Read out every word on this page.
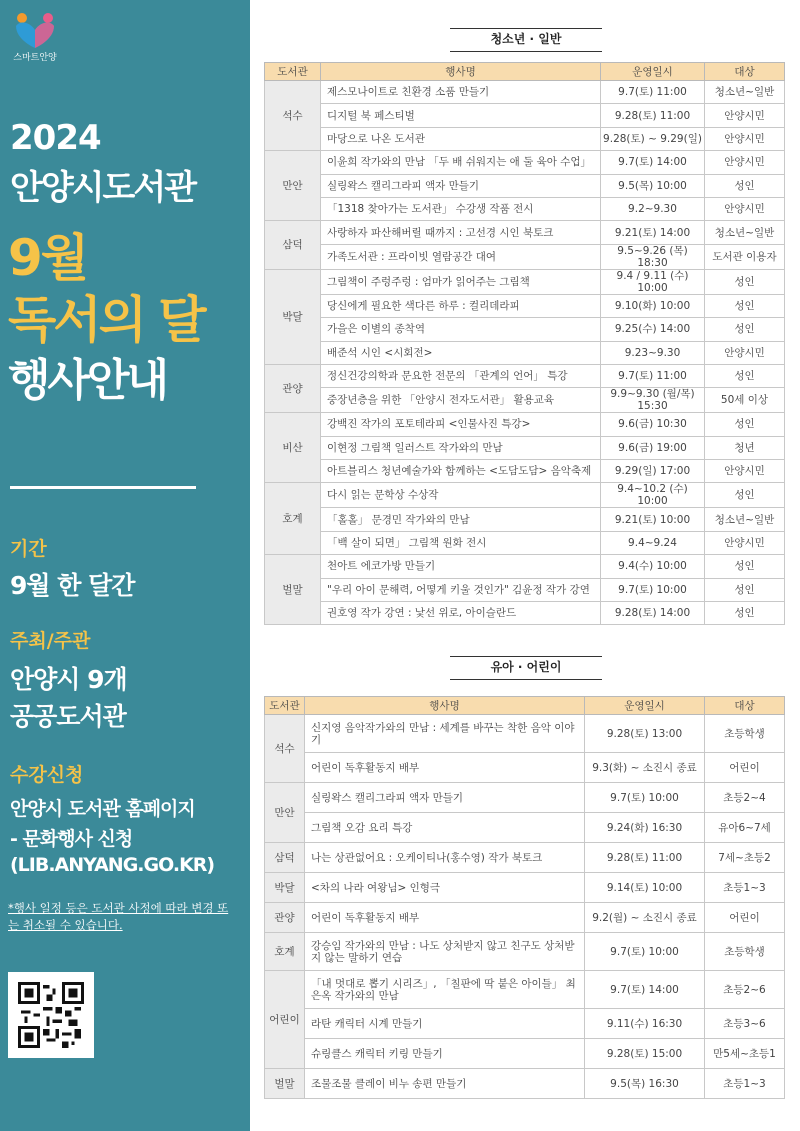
스마트안양
2024
안양시도서관
9월
독서의 달
행사안내
기간
9월 한 달간
주최/주관
안양시 9개
공공도서관
수강신청
안양시 도서관 홈페이지
- 문화행사 신청
(LIB.ANYANG.GO.KR)
*행사 일정 등은 도서관 사정에 따라 변경 또는 취소될 수 있습니다.
청소년 · 일반
도서관	행사명	운영일시	대상
석수	제스모나이트로 친환경 소품 만들기	9.7(토) 11:00	청소년~일반
	디지털 북 페스티벌	9.28(토) 11:00	안양시민
	마당으로 나온 도서관	9.28(토) ~ 9.29(일)	안양시민
만안	이윤희 작가와의 만남 「두 배 쉬워지는 애 둘 육아 수업」	9.7(토) 14:00	안양시민
	실링왁스 캘리그라피 액자 만들기	9.5(목) 10:00	성인
	「1318 찾아가는 도서관」 수강생 작품 전시	9.2~9.30	안양시민
삼덕	사랑하자 파산해버릴 때까지 : 고선경 시인 북토크	9.21(토) 14:00	청소년~일반
	가족도서관 : 프라이빗 열람공간 대여	9.5~9.26 (목) 18:30	도서관 이용자
박달	그림책이 주렁주렁 : 엄마가 읽어주는 그림책	9.4 / 9.11 (수) 10:00	성인
	당신에게 필요한 색다른 하루 : 컬리데라피	9.10(화) 10:00	성인
	가을은 이별의 종착역	9.25(수) 14:00	성인
	배준석 시인 <시회전>	9.23~9.30	안양시민
관양	정신건강의학과 문요한 전문의 「관계의 언어」 특강	9.7(토) 11:00	성인
	중장년층을 위한 「안양시 전자도서관」 활용교육	9.9~9.30 (월/목) 15:30	50세 이상
비산	강백진 작가의 포토테라피 <인물사진 특강>	9.6(금) 10:30	성인
	이현정 그림책 일러스트 작가와의 만남	9.6(금) 19:00	청년
	아트블리스 청년예술가와 함께하는 <도담도담> 음악축제	9.29(일) 17:00	안양시민
호계	다시 읽는 문학상 수상작	9.4~10.2 (수) 10:00	성인
	「홀홀」 문경민 작가와의 만남	9.21(토) 10:00	청소년~일반
	「백 살이 되면」 그림책 원화 전시	9.4~9.24	안양시민
벌말	천아트 에코가방 만들기	9.4(수) 10:00	성인
	"우리 아이 문해력, 어떻게 키울 것인가" 김윤정 작가 강연	9.7(토) 10:00	성인
	권호영 작가 강연 : 낯선 위로, 아이슬란드	9.28(토) 14:00	성인
유아 · 어린이
도서관	행사명	운영일시	대상
석수	신지영 음악작가와의 만남 : 세계를 바꾸는 착한 음악 이야기	9.28(토) 13:00	초등학생
	어린이 독후활동지 배부	9.3(화) ~ 소진시 종료	어린이
만안	실링왁스 캘리그라피 액자 만들기	9.7(토) 10:00	초등2~4
	그림책 오감 요리 특강	9.24(화) 16:30	유아6~7세
삼덕	나는 상관없어요 : 오케이티나(홍수영) 작가 북토크	9.28(토) 11:00	7세~초등2
박달	<차의 나라 여왕님> 인형극	9.14(토) 10:00	초등1~3
관양	어린이 독후활동지 배부	9.2(월) ~ 소진시 종료	어린이
호계	강승임 작가와의 만남 : 나도 상처받지 않고 친구도 상처받지 않는 말하기 연습	9.7(토) 10:00	초등학생
어린이	「내 멋대로 뽑기 시리즈」, 「칠판에 딱 붙은 아이들」 최은옥 작가와의 만남	9.7(토) 14:00	초등2~6
	라탄 캐릭터 시계 만들기	9.11(수) 16:30	초등3~6
	슈링클스 캐릭터 키링 만들기	9.28(토) 15:00	만5세~초등1
벌말	조물조물 클레이 비누 송편 만들기	9.5(목) 16:30	초등1~3
